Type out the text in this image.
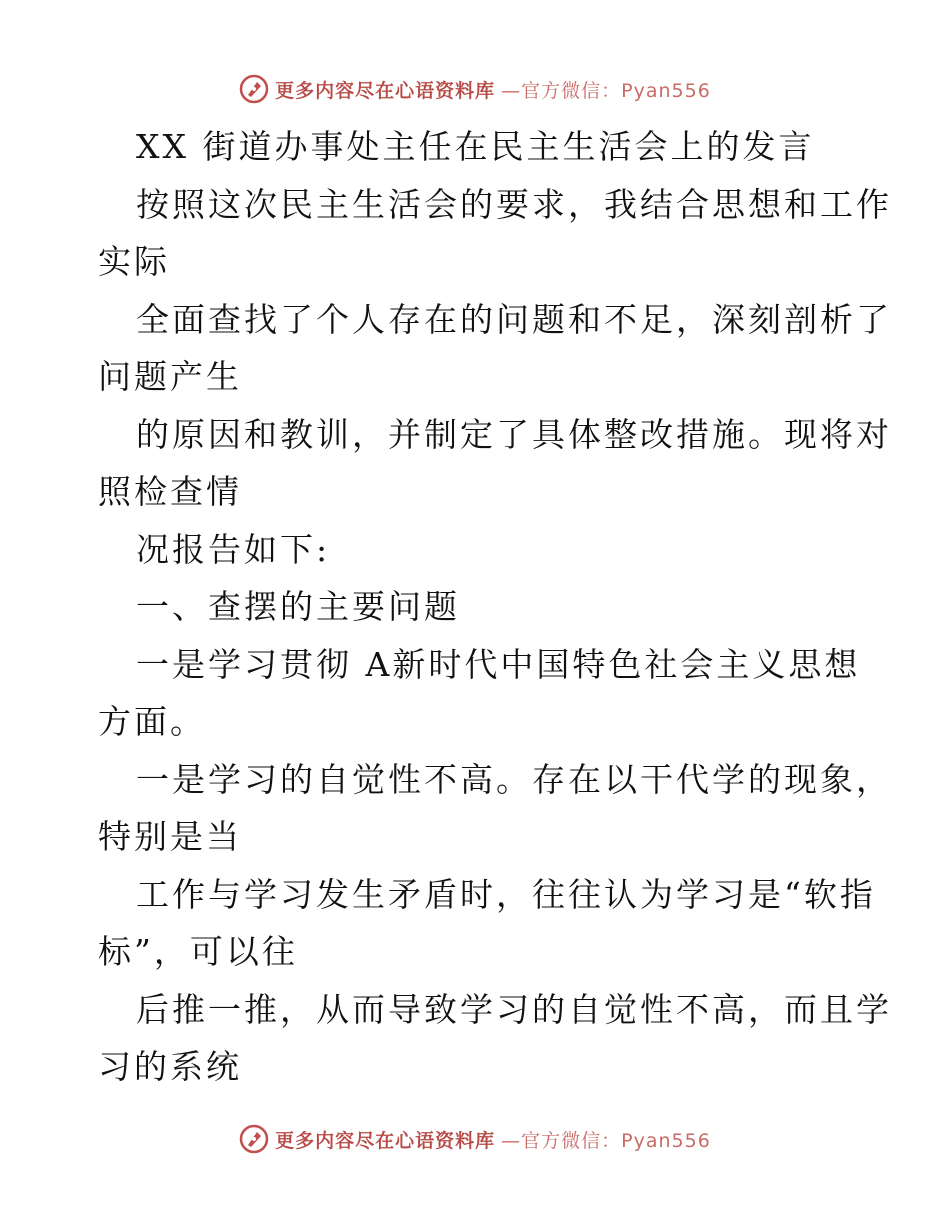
更多内容尽在心语资料库 —官方微信：Pyan556
XX 街道办事处主任在民主生活会上的发言
按照这次民主生活会的要求，我结合思想和工作
实际
全面查找了个人存在的问题和不足，深刻剖析了
问题产生
的原因和教训，并制定了具体整改措施。现将对
照检查情
况报告如下:
一、查摆的主要问题
一是学习贯彻 A新时代中国特色社会主义思想
方面。
一是学习的自觉性不高。存在以干代学的现象，
特别是当
工作与学习发生矛盾时，往往认为学习是“软指
标”，可以往
后推一推，从而导致学习的自觉性不高，而且学
习的系统
更多内容尽在心语资料库 —官方微信：Pyan556
